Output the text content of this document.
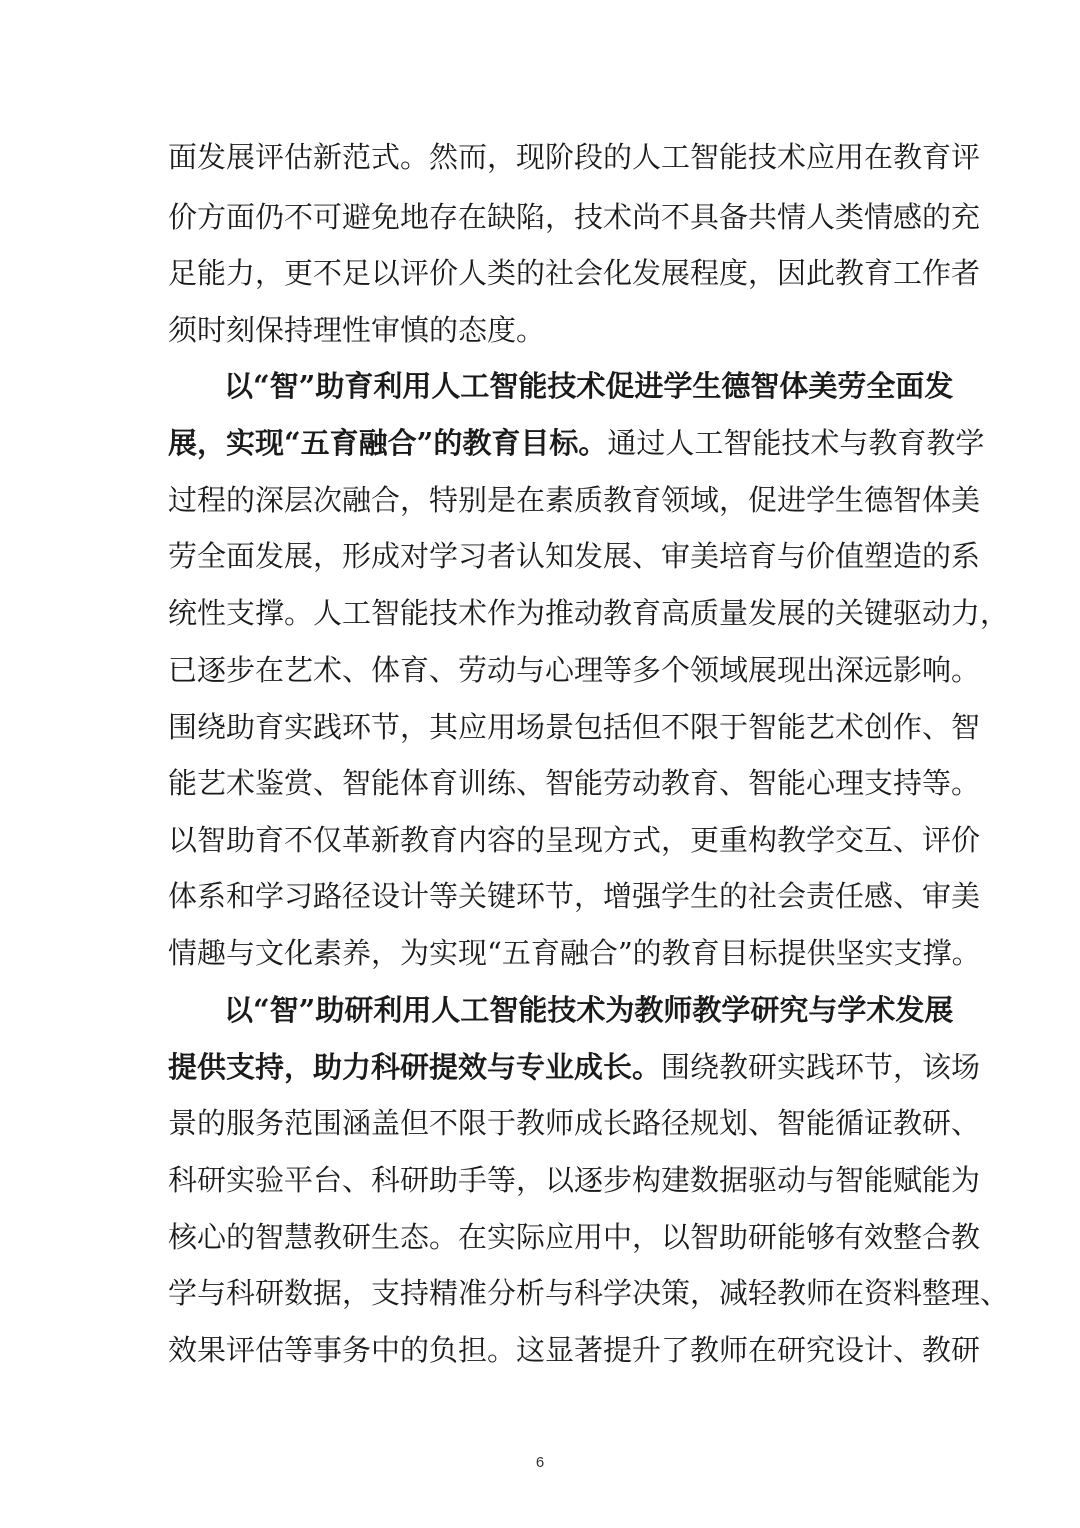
面发展评估新范式。然而，现阶段的人工智能技术应用在教育评
价方面仍不可避免地存在缺陷，技术尚不具备共情人类情感的充
足能力，更不足以评价人类的社会化发展程度，因此教育工作者
须时刻保持理性审慎的态度。
以“智”助育利用人工智能技术促进学生德智体美劳全面发
展，实现“五育融合”的教育目标。通过人工智能技术与教育教学
过程的深层次融合，特别是在素质教育领域，促进学生德智体美
劳全面发展，形成对学习者认知发展、审美培育与价值塑造的系
统性支撑。人工智能技术作为推动教育高质量发展的关键驱动力，
已逐步在艺术、体育、劳动与心理等多个领域展现出深远影响。
围绕助育实践环节，其应用场景包括但不限于智能艺术创作、智
能艺术鉴赏、智能体育训练、智能劳动教育、智能心理支持等。
以智助育不仅革新教育内容的呈现方式，更重构教学交互、评价
体系和学习路径设计等关键环节，增强学生的社会责任感、审美
情趣与文化素养，为实现“五育融合”的教育目标提供坚实支撑。
以“智”助研利用人工智能技术为教师教学研究与学术发展
提供支持，助力科研提效与专业成长。围绕教研实践环节，该场
景的服务范围涵盖但不限于教师成长路径规划、智能循证教研、
科研实验平台、科研助手等，以逐步构建数据驱动与智能赋能为
核心的智慧教研生态。在实际应用中，以智助研能够有效整合教
学与科研数据，支持精准分析与科学决策，减轻教师在资料整理、
效果评估等事务中的负担。这显著提升了教师在研究设计、教研
6
